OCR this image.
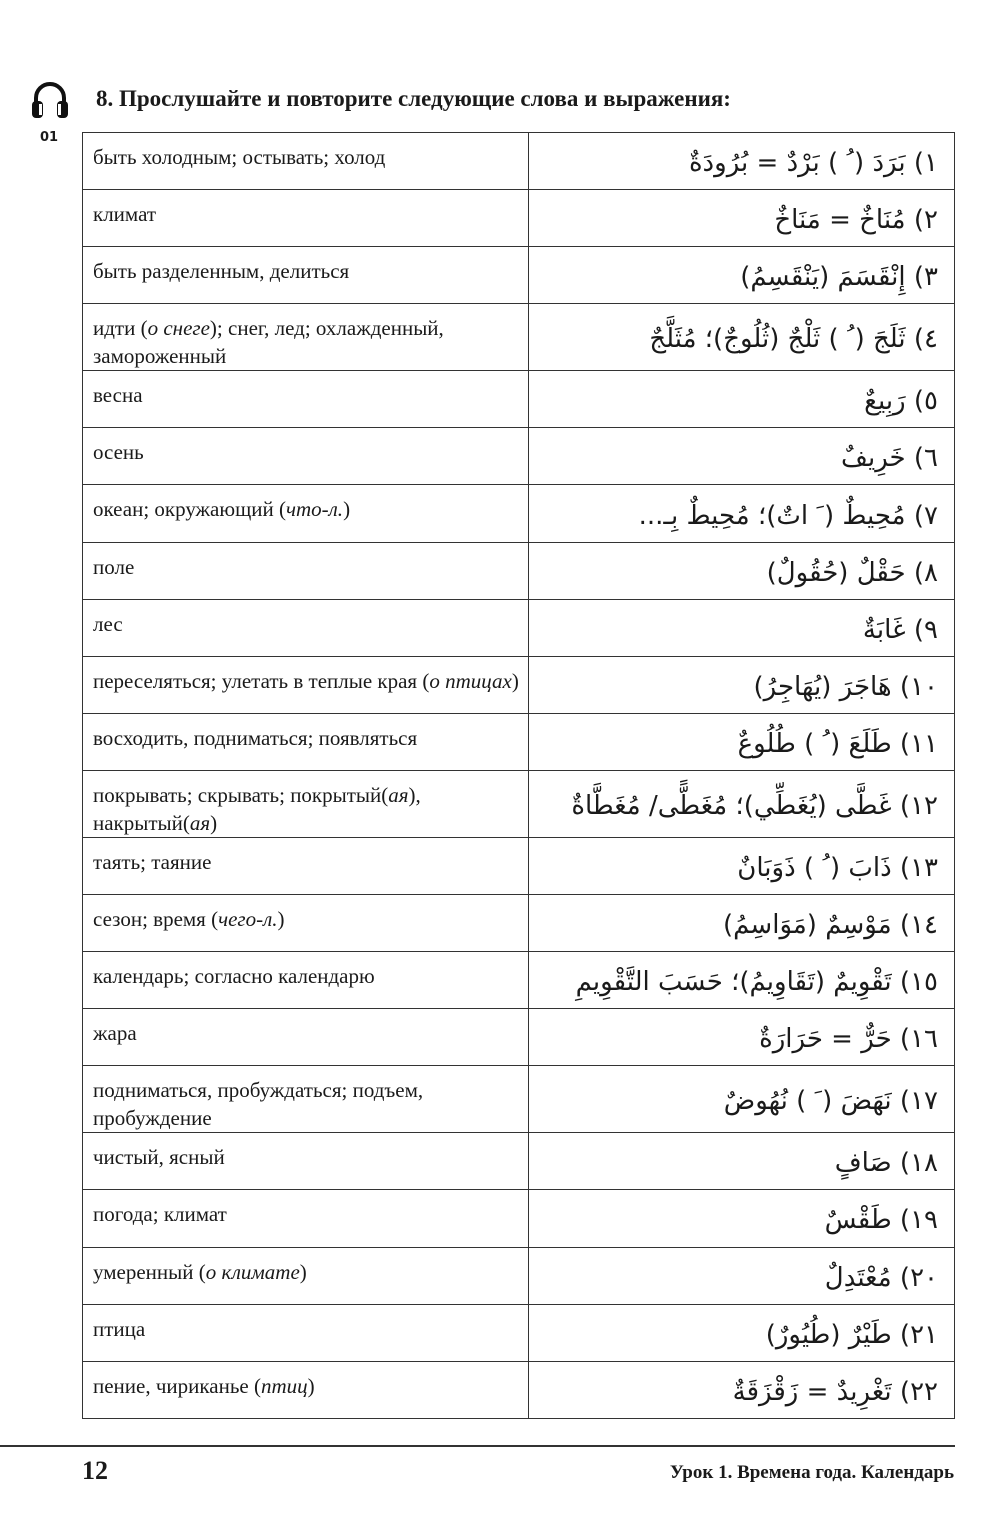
01
8. Прослушайте и повторите следующие слова и выражения:
быть холодным; остывать; холод	١) بَرَدَ ( ُ ) بَرْدٌ = بُرُودَةٌ
климат	٢) مُنَاخٌ = مَنَاخٌ
быть разделенным, делиться	٣) إِنْقَسَمَ (يَنْقَسِمُ)
идти (о снеге); снег, лед; охлажденный, замороженный	٤) ثَلَجَ ( ُ ) ثَلْجٌ (ثُلُوجٌ)؛ مُثَلَّجٌ
весна	٥) رَبِيعٌ
осень	٦) خَرِيفٌ
океан; окружающий (что-л.)	٧) مُحِيطٌ ( َ اتٌ)؛ مُحِيطٌ بِـ...
поле	٨) حَقْلٌ (حُقُولٌ)
лес	٩) غَابَةٌ
переселяться; улетать в теплые края (о птицах)	١٠) هَاجَرَ (يُهَاجِرُ)
восходить, подниматься; появляться	١١) طَلَعَ ( ُ ) طُلُوعٌ
покрывать; скрывать; покрытый(ая), накрытый(ая)	١٢) غَطَّى (يُغَطِّي)؛ مُغَطًّى/ مُغَطَّاةٌ
таять; таяние	١٣) ذَابَ ( ُ ) ذَوَبَانٌ
сезон; время (чего-л.)	١٤) مَوْسِمٌ (مَوَاسِمُ)
календарь; согласно календарю	١٥) تَقْوِيمٌ (تَقَاوِيمُ)؛ حَسَبَ التَّقْوِيمِ
жара	١٦) حَرٌّ = حَرَارَةٌ
подниматься, пробуждаться; подъем, пробуждение	١٧) نَهَضَ ( َ ) نُهُوضٌ
чистый, ясный	١٨) صَافٍ
погода; климат	١٩) طَقْسٌ
умеренный (о климате)	٢٠) مُعْتَدِلٌ
птица	٢١) طَيْرٌ (طُيُورٌ)
пение, чириканье (птиц)	٢٢) تَغْرِيدٌ = زَقْزَقَةٌ
12	Урок 1. Времена года. Календарь
